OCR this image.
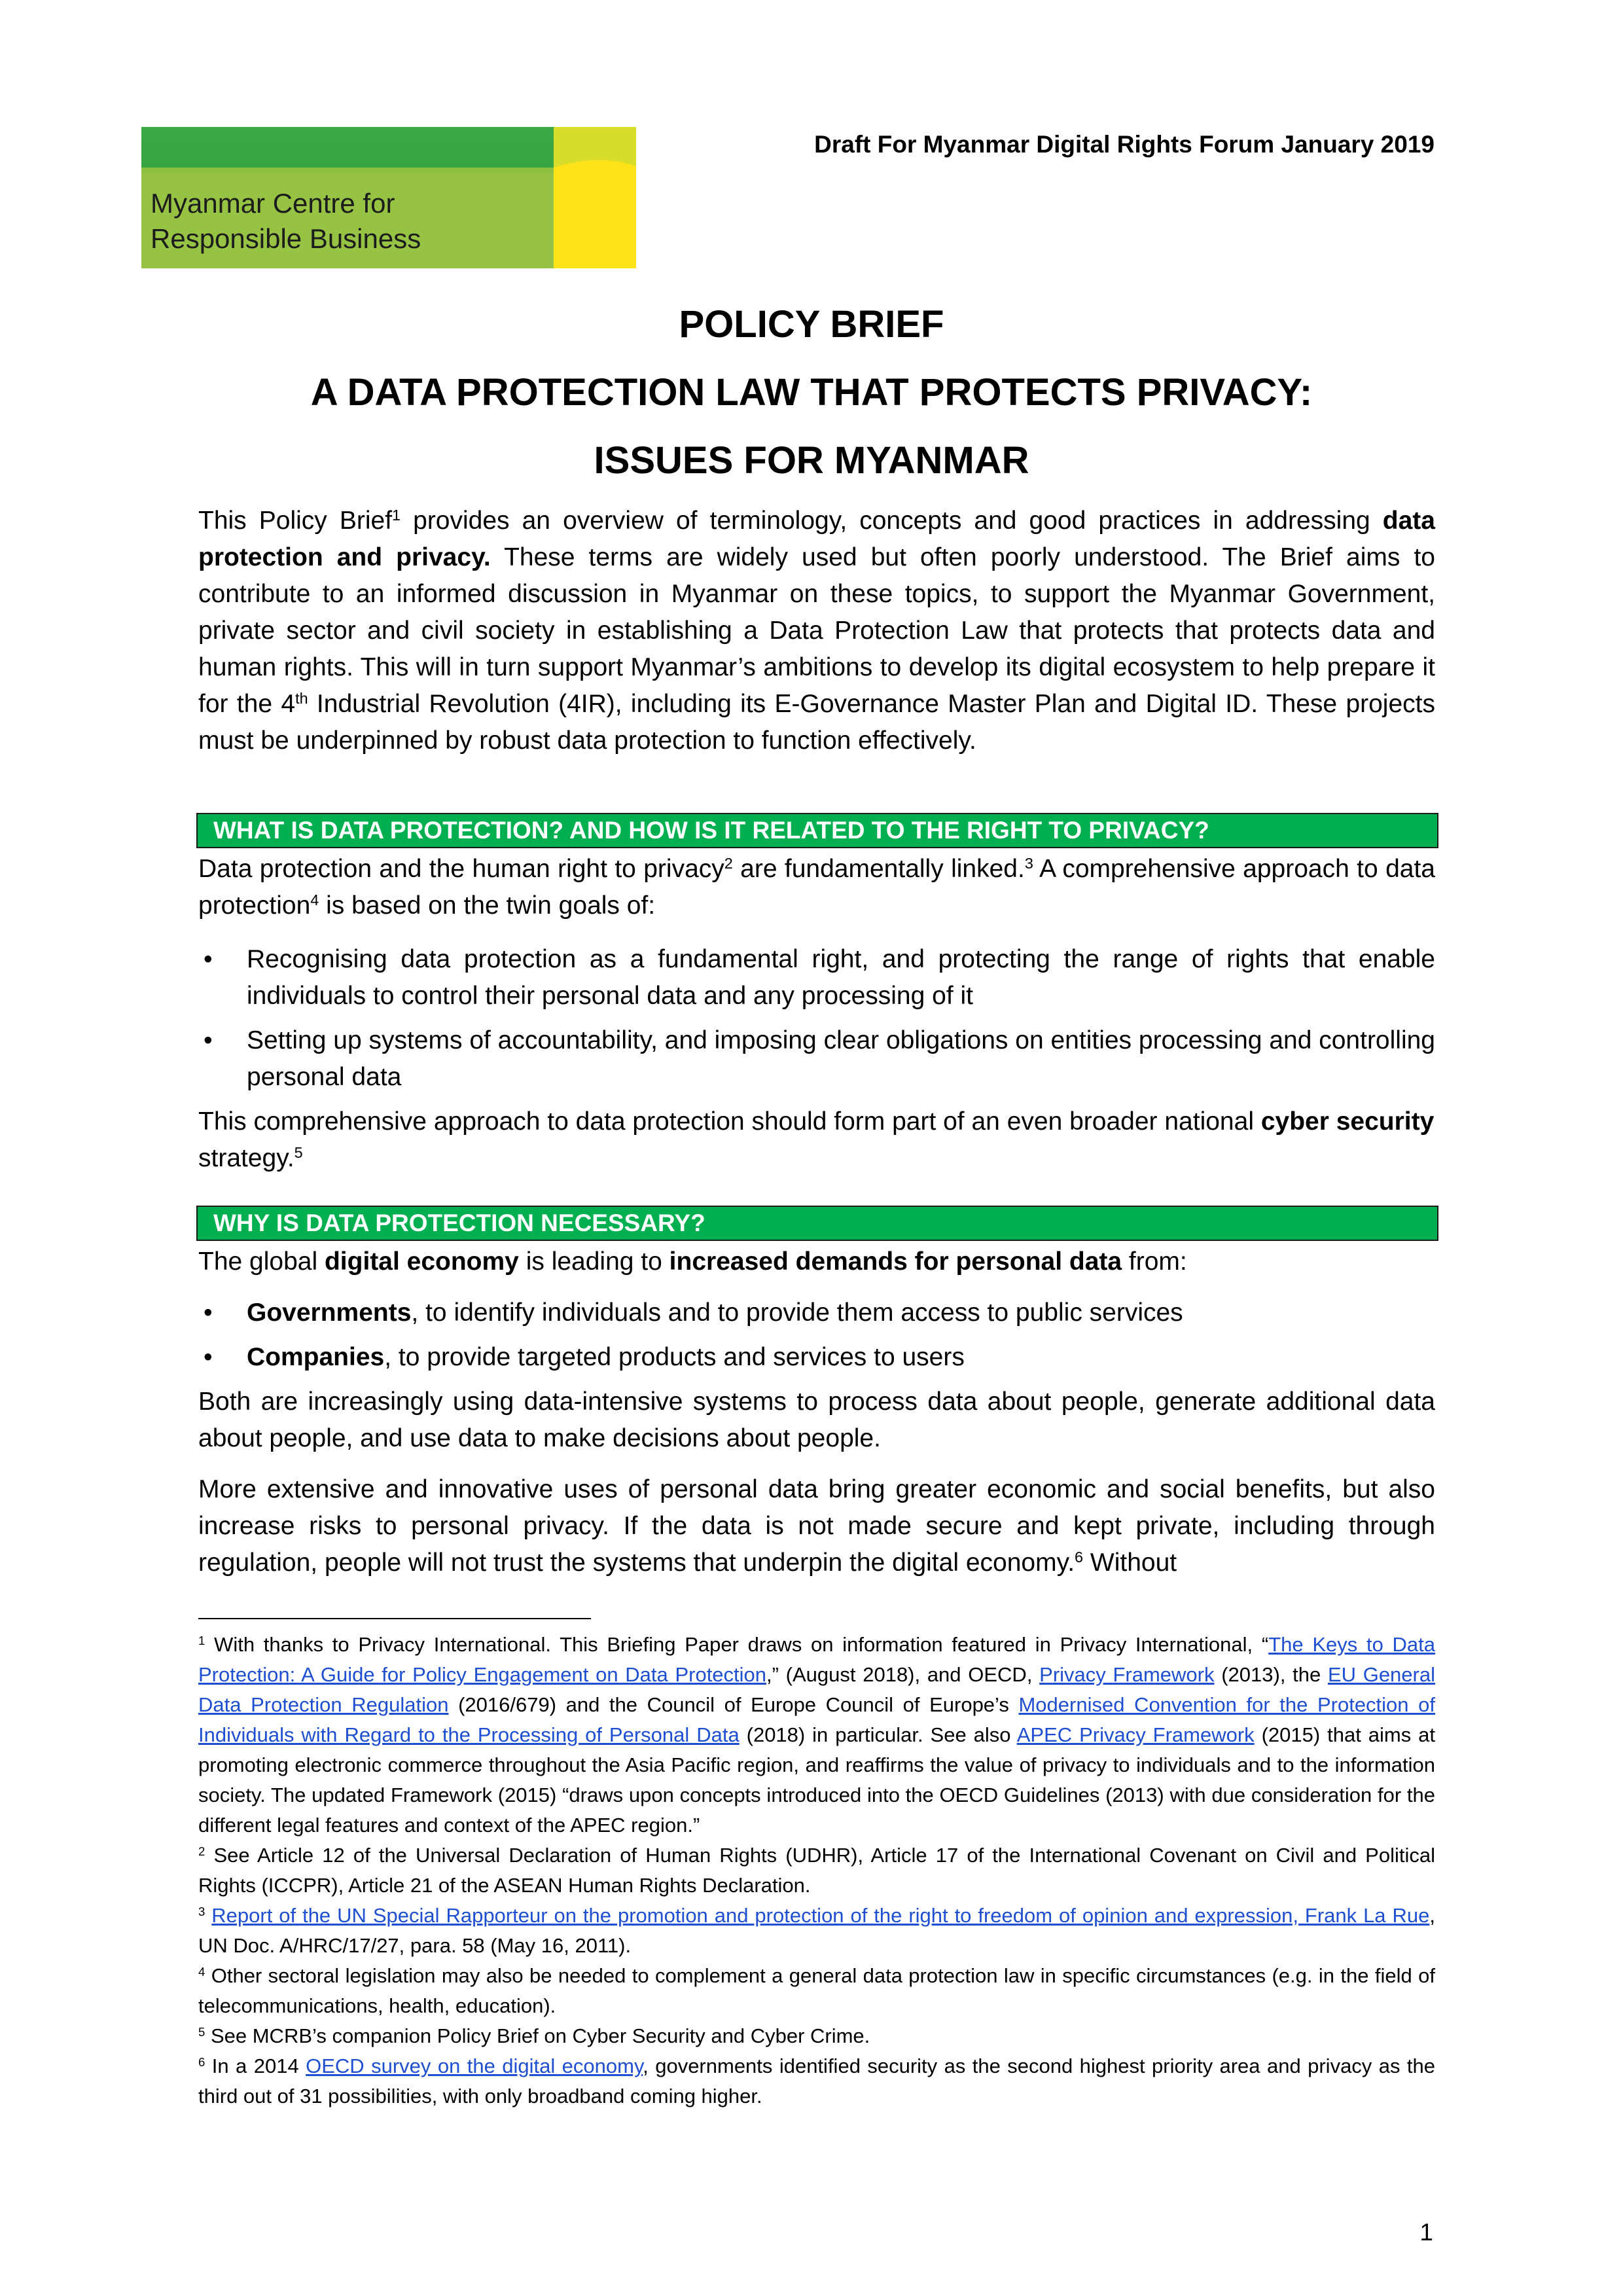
Myanmar Centre for
Responsible Business
Draft For Myanmar Digital Rights Forum January 2019
POLICY BRIEF
A DATA PROTECTION LAW THAT PROTECTS PRIVACY:
ISSUES FOR MYANMAR

This Policy Brief$^1$ provides an overview of terminology, concepts and good practices in addressing data protection and privacy. These terms are widely used but often poorly understood. The Brief aims to contribute to an informed discussion in Myanmar on these topics, to support the Myanmar Government, private sector and civil society in establishing a Data Protection Law that protects that protects data and human rights. This will in turn support Myanmar’s ambitions to develop its digital ecosystem to help prepare it for the 4th Industrial Revolution (4IR), including its E-Governance Master Plan and Digital ID. These projects must be underpinned by robust data protection to function effectively.

WHAT IS DATA PROTECTION? AND HOW IS IT RELATED TO THE RIGHT TO PRIVACY?

Data protection and the human right to privacy$^2$ are fundamentally linked.$^3$ A comprehensive approach to data protection$^4$ is based on the twin goals of:

• Recognising data protection as a fundamental right, and protecting the range of rights that enable individuals to control their personal data and any processing of it
• Setting up systems of accountability, and imposing clear obligations on entities processing and controlling personal data

This comprehensive approach to data protection should form part of an even broader national cyber security strategy.$^5$

WHY IS DATA PROTECTION NECESSARY?

The global digital economy is leading to increased demands for personal data from:

• Governments, to identify individuals and to provide them access to public services
• Companies, to provide targeted products and services to users

Both are increasingly using data-intensive systems to process data about people, generate additional data about people, and use data to make decisions about people.

More extensive and innovative uses of personal data bring greater economic and social benefits, but also increase risks to personal privacy. If the data is not made secure and kept private, including through regulation, people will not trust the systems that underpin the digital economy.$^6$ Without

$^1$ With thanks to Privacy International. This Briefing Paper draws on information featured in Privacy International, “The Keys to Data Protection: A Guide for Policy Engagement on Data Protection,” (August 2018), and OECD, Privacy Framework (2013), the EU General Data Protection Regulation (2016/679) and the Council of Europe Council of Europe’s Modernised Convention for the Protection of Individuals with Regard to the Processing of Personal Data (2018) in particular. See also APEC Privacy Framework (2015) that aims at promoting electronic commerce throughout the Asia Pacific region, and reaffirms the value of privacy to individuals and to the information society. The updated Framework (2015) “draws upon concepts introduced into the OECD Guidelines (2013) with due consideration for the different legal features and context of the APEC region.”

$^2$ See Article 12 of the Universal Declaration of Human Rights (UDHR), Article 17 of the International Covenant on Civil and Political Rights (ICCPR), Article 21 of the ASEAN Human Rights Declaration.

$^3$ Report of the UN Special Rapporteur on the promotion and protection of the right to freedom of opinion and expression, Frank La Rue, UN Doc. A/HRC/17/27, para. 58 (May 16, 2011).

$^4$ Other sectoral legislation may also be needed to complement a general data protection law in specific circumstances (e.g. in the field of telecommunications, health, education).

$^5$ See MCRB’s companion Policy Brief on Cyber Security and Cyber Crime.

$^6$ In a 2014 OECD survey on the digital economy, governments identified security as the second highest priority area and privacy as the third out of 31 possibilities, with only broadband coming higher.

1
